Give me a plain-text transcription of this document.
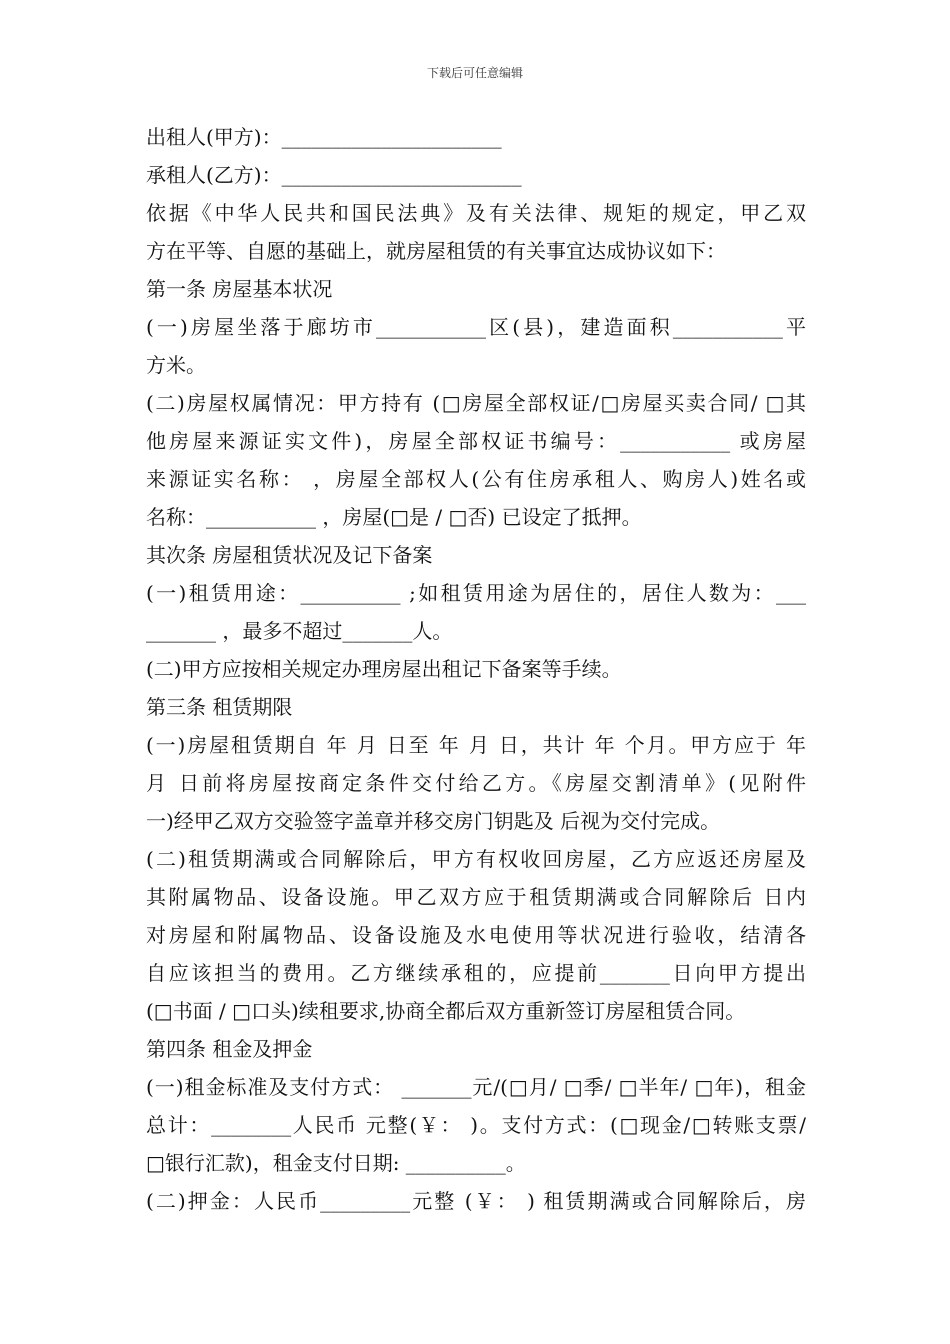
下载后可任意编辑
出租人(甲方)：______________________
承租人(乙方)：________________________
依据《中华人民共和国民法典》及有关法律、规矩的规定，甲乙双
方在平等、自愿的基础上，就房屋租赁的有关事宜达成协议如下：
第一条 房屋基本状况
(一)房屋坐落于廊坊市___________区(县)，建造面积___________平
方米。
(二)房屋权属情况：甲方持有 (□房屋全部权证/□房屋买卖合同/ □其
他房屋来源证实文件)，房屋全部权证书编号：___________ 或房屋
来源证实名称： ，房屋全部权人(公有住房承租人、购房人)姓名或
名称：___________ ，房屋(□是 / □否) 已设定了抵押。
其次条 房屋租赁状况及记下备案
(一)租赁用途：__________ ;如租赁用途为居住的，居住人数为：___
_______ ，最多不超过_______人。
(二)甲方应按相关规定办理房屋出租记下备案等手续。
第三条 租赁期限
(一)房屋租赁期自 年 月 日至 年 月 日，共计 年 个月。甲方应于 年
月 日前将房屋按商定条件交付给乙方。《房屋交割清单》(见附件
一)经甲乙双方交验签字盖章并移交房门钥匙及 后视为交付完成。
(二)租赁期满或合同解除后，甲方有权收回房屋，乙方应返还房屋及
其附属物品、设备设施。甲乙双方应于租赁期满或合同解除后 日内
对房屋和附属物品、设备设施及水电使用等状况进行验收，结清各
自应该担当的费用。乙方继续承租的，应提前_______日向甲方提出
(□书面 / □口头)续租要求,协商全都后双方重新签订房屋租赁合同。
第四条 租金及押金
(一)租金标准及支付方式： _______元/(□月/ □季/ □半年/ □年)，租金
总计：________人民币 元整(￥： )。支付方式：(□现金/□转账支票/
□银行汇款)，租金支付日期: __________。
(二)押金：人民币_________元整 (￥： ) 租赁期满或合同解除后，房
